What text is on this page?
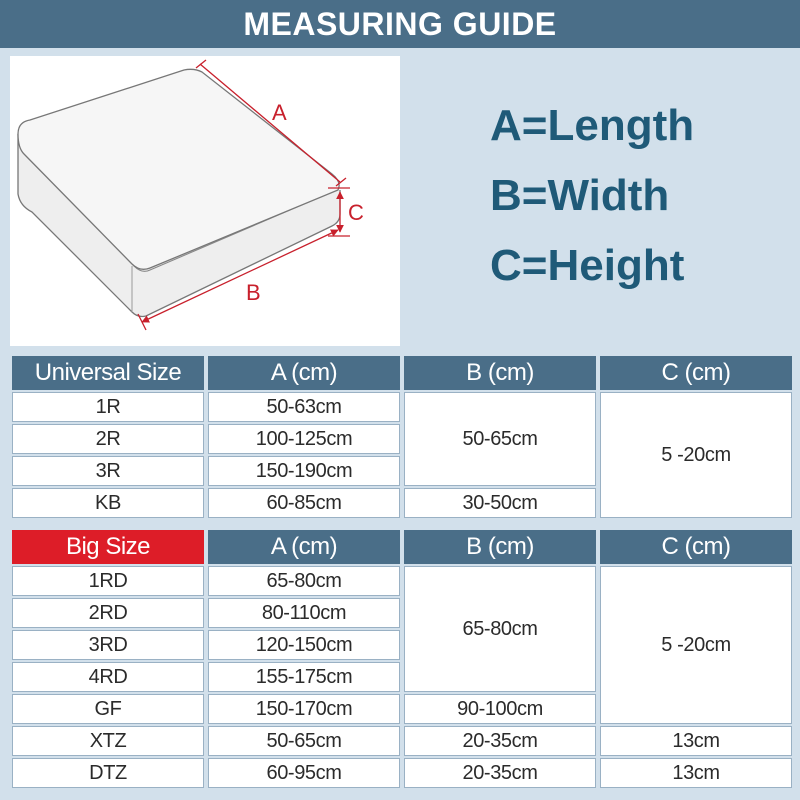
MEASURING GUIDE
A
C
B
A=Length
B=Width
C=Height
Universal Size	A (cm)	B (cm)	C (cm)
1R	50-63cm	50-65cm	5 -20cm
2R	100-125cm		
3R	150-190cm		
KB	60-85cm	30-50cm	
Big Size	A (cm)	B (cm)	C (cm)
1RD	65-80cm	65-80cm	5 -20cm
2RD	80-110cm		
3RD	120-150cm		
4RD	155-175cm		
GF	150-170cm	90-100cm	
XTZ	50-65cm	20-35cm	13cm
DTZ	60-95cm	20-35cm	13cm
